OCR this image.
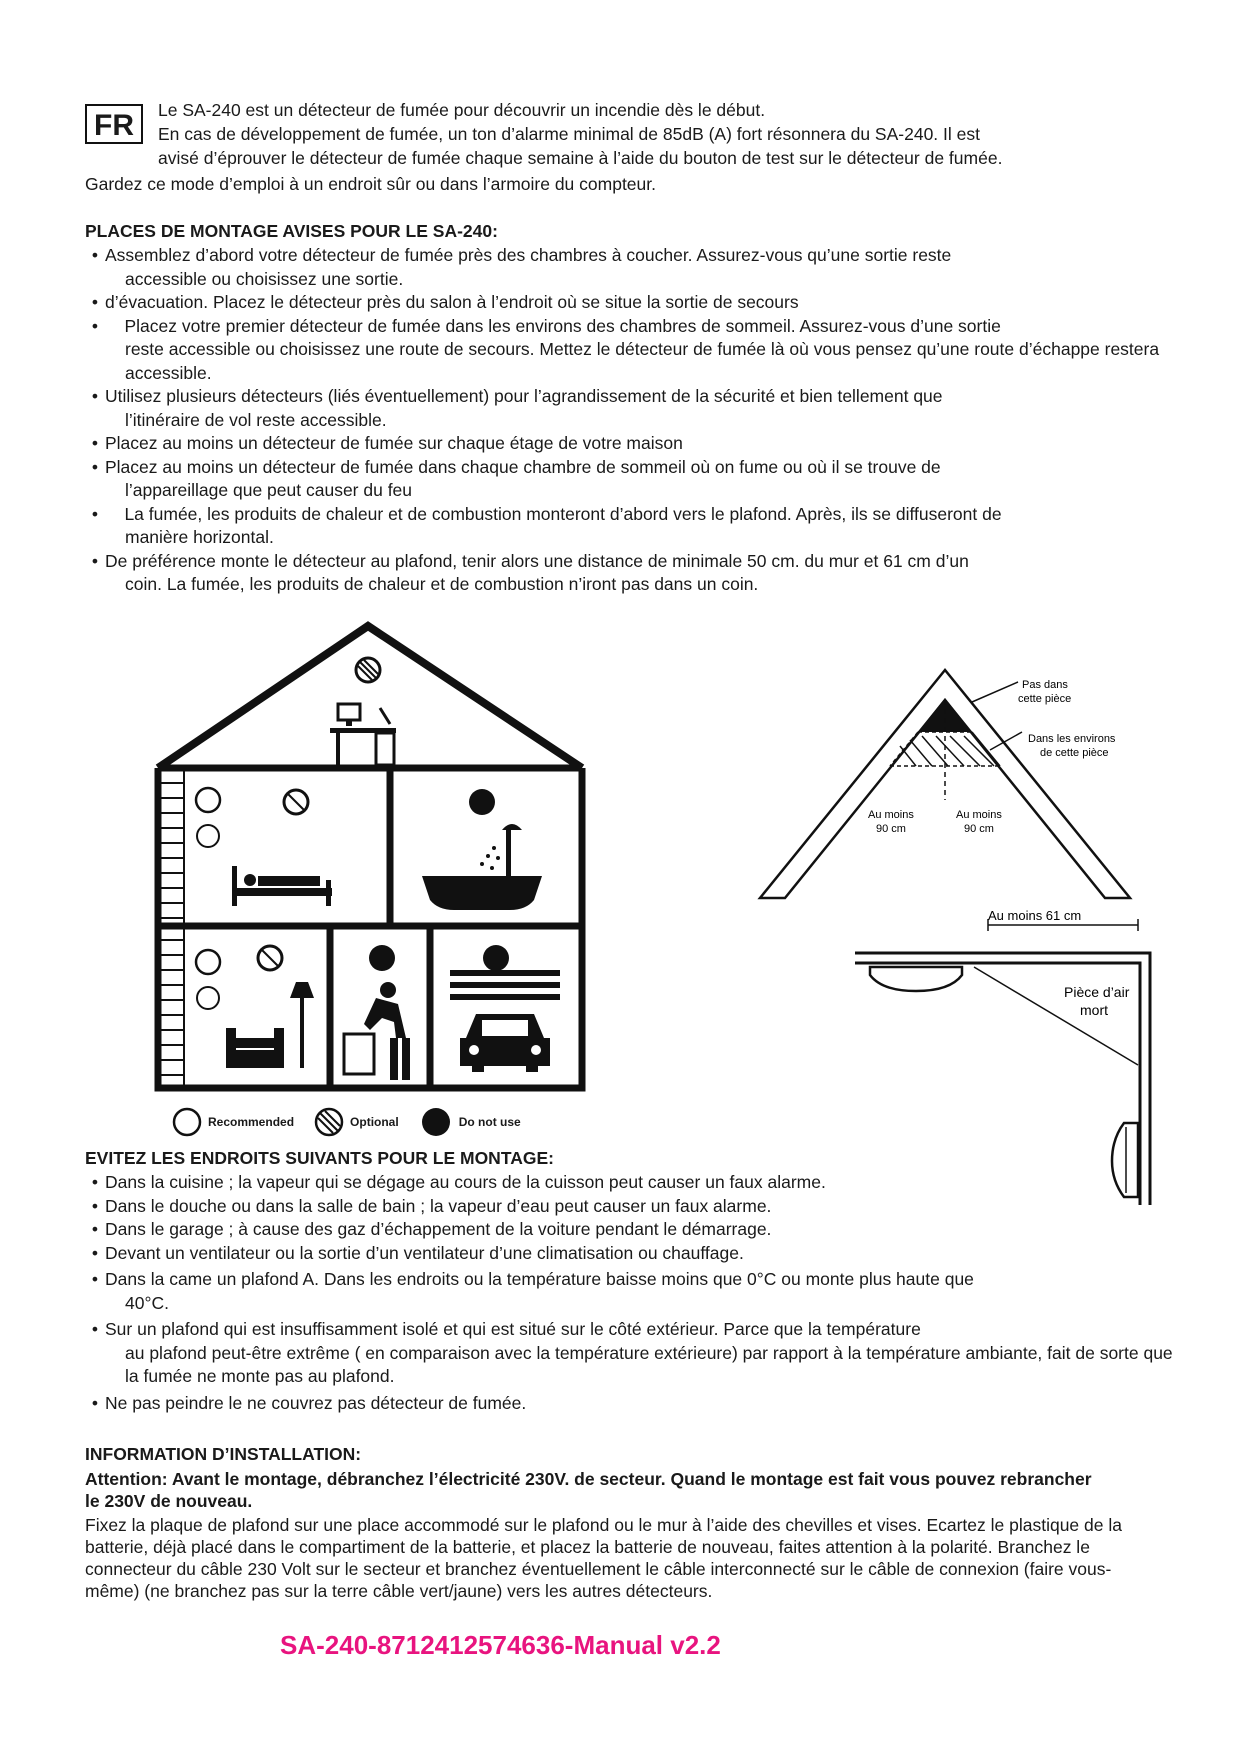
FR	Le SA-240 est un détecteur de fumée pour découvrir un incendie dès le début.
En cas de développement de fumée, un ton d’alarme minimal de 85dB (A) fort résonnera du SA-240. Il est
avisé d’éprouver le détecteur de fumée chaque semaine à l’aide du bouton de test sur le détecteur de fumée.
Gardez ce mode d’emploi à un endroit sûr ou dans l’armoire du compteur.
PLACES DE MONTAGE AVISES POUR LE SA-240:
• Assemblez d’abord votre détecteur de fumée près des chambres à coucher. Assurez-vous qu’une sortie reste
accessible ou choisissez une sortie.
• d’évacuation. Placez le détecteur près du salon à l’endroit où se situe la sortie de secours
• Placez votre premier détecteur de fumée dans les environs des chambres de sommeil. Assurez-vous d’une sortie
reste accessible ou choisissez une route de secours. Mettez le détecteur de fumée là où vous pensez qu’une route d’échappe restera accessible.
• Utilisez plusieurs détecteurs (liés éventuellement) pour l’agrandissement de la sécurité et bien tellement que
l’itinéraire de vol reste accessible.
• Placez au moins un détecteur de fumée sur chaque étage de votre maison
• Placez au moins un détecteur de fumée dans chaque chambre de sommeil où on fume ou où il se trouve de
l’appareillage que peut causer du feu
• La fumée, les produits de chaleur et de combustion monteront d’abord vers le plafond. Après, ils se diffuseront de
manière horizontal.
• De préférence monte le détecteur au plafond, tenir alors une distance de minimale 50 cm. du mur et 61 cm d’un
coin. La fumée, les produits de chaleur et de combustion n’iront pas dans un coin.
Recommended	Optional	Do not use
Pas dans
cette pièce
Dans les environs
de cette pièce
Au moins
90 cm
Au moins
90 cm
Au moins 61 cm
Pièce d’air
mort
EVITEZ LES ENDROITS SUIVANTS POUR LE MONTAGE:
• Dans la cuisine ; la vapeur qui se dégage au cours de la cuisson peut causer un faux alarme.
• Dans le douche ou dans la salle de bain ; la vapeur d’eau peut causer un faux alarme.
• Dans le garage ; à cause des gaz d’échappement de la voiture pendant le démarrage.
• Devant un ventilateur ou la sortie d’un ventilateur d’une climatisation ou chauffage.
• Dans la came un plafond A. Dans les endroits ou la température baisse moins que 0°C ou monte plus haute que
40°C.
• Sur un plafond qui est insuffisamment isolé et qui est situé sur le côté extérieur. Parce que la température
au plafond peut-être extrême ( en comparaison avec la température extérieure) par rapport à la température ambiante, fait de sorte que la fumée ne monte pas au plafond.
• Ne pas peindre le ne couvrez pas détecteur de fumée.
INFORMATION D’INSTALLATION:
Attention: Avant le montage, débranchez l’électricité 230V. de secteur. Quand le montage est fait vous pouvez rebrancher le 230V de nouveau.
Fixez la plaque de plafond sur une place accommodé sur le plafond ou le mur à l’aide des chevilles et vises. Ecartez le plastique de la batterie, déjà placé dans le compartiment de la batterie, et placez la batterie de nouveau, faites attention à la polarité. Branchez le connecteur du câble 230 Volt sur le secteur et branchez éventuellement le câble interconnecté sur le câble de connexion (faire vous-même) (ne branchez pas sur la terre câble vert/jaune) vers les autres détecteurs.
SA-240-8712412574636-Manual v2.2
